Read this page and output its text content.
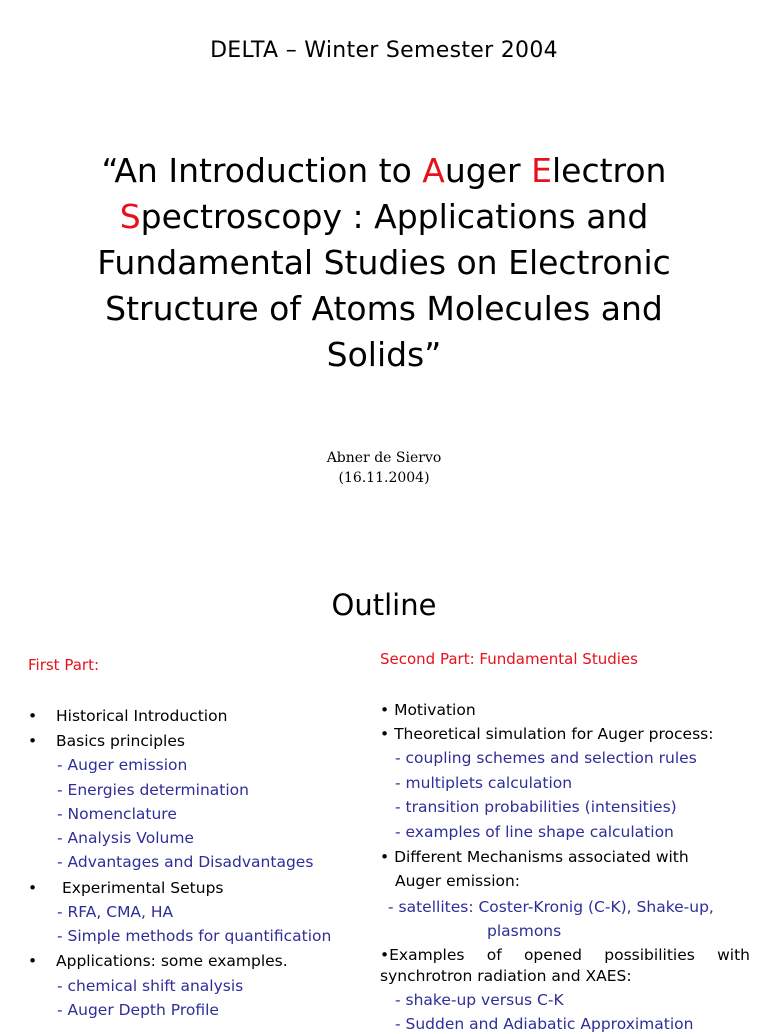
DELTA – Winter Semester 2004
“An Introduction to Auger Electron
Spectroscopy : Applications and
Fundamental Studies on Electronic
Structure of Atoms Molecules and
Solids”
Abner de Siervo
(16.11.2004)
Outline
First Part:
• Historical Introduction
• Basics principles
- Auger emission
- Energies determination
- Nomenclature
- Analysis Volume
- Advantages and Disadvantages
• Experimental Setups
- RFA, CMA, HA
- Simple methods for quantification
• Applications: some examples.
- chemical shift analysis
- Auger Depth Profile
Second Part: Fundamental Studies
• Motivation
• Theoretical simulation for Auger process:
- coupling schemes and selection rules
- multiplets calculation
- transition probabilities (intensities)
- examples of line shape calculation
• Different Mechanisms associated with
Auger emission:
- satellites: Coster-Kronig (C-K), Shake-up,
plasmons
•Examples of opened possibilities with
synchrotron radiation and XAES:
- shake-up versus C-K
- Sudden and Adiabatic Approximation
